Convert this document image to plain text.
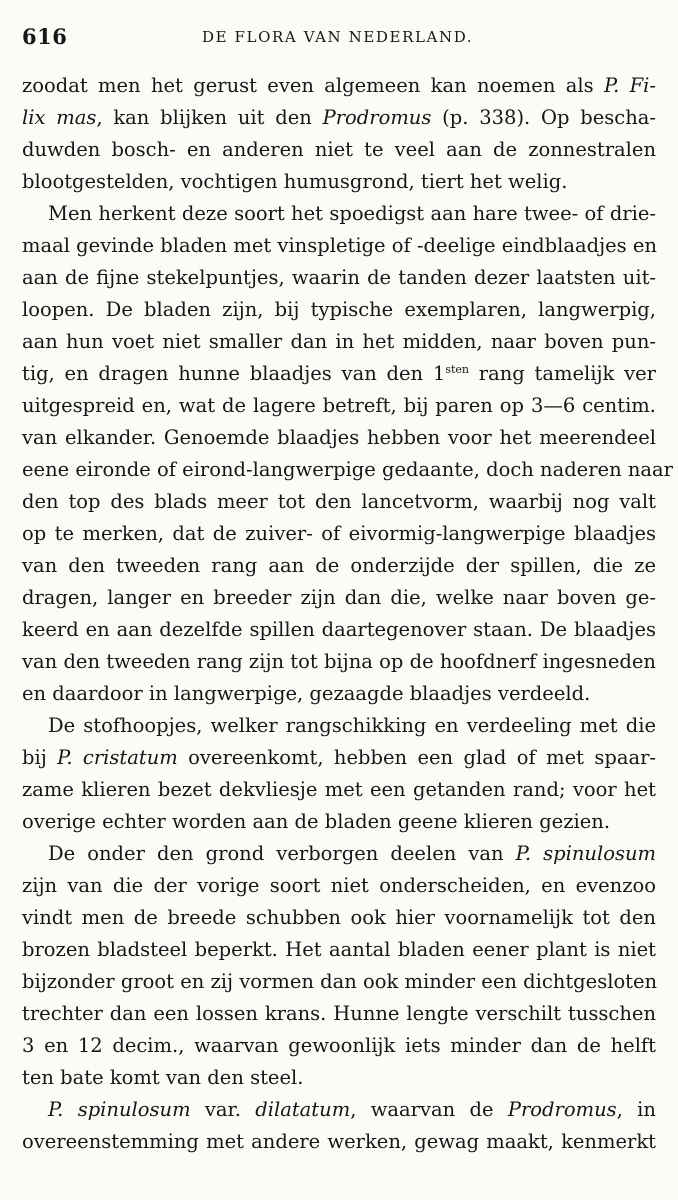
616	DE FLORA VAN NEDERLAND.
zoodat men het gerust even algemeen kan noemen als P. Fi-
lix mas, kan blijken uit den Prodromus (p. 338). Op bescha-
duwden bosch- en anderen niet te veel aan de zonnestralen
blootgestelden, vochtigen humusgrond, tiert het welig.
Men herkent deze soort het spoedigst aan hare twee- of drie-
maal gevinde bladen met vinspletige of -deelige eindblaadjes en
aan de fijne stekelpuntjes, waarin de tanden dezer laatsten uit-
loopen. De bladen zijn, bij typische exemplaren, langwerpig,
aan hun voet niet smaller dan in het midden, naar boven pun-
tig, en dragen hunne blaadjes van den $1^{sten}$ rang tamelijk ver
uitgespreid en, wat de lagere betreft, bij paren op 3—6 centim.
van elkander. Genoemde blaadjes hebben voor het meerendeel
eene eironde of eirond-langwerpige gedaante, doch naderen naar
den top des blads meer tot den lancetvorm, waarbij nog valt
op te merken, dat de zuiver- of eivormig-langwerpige blaadjes
van den tweeden rang aan de onderzijde der spillen, die ze
dragen, langer en breeder zijn dan die, welke naar boven ge-
keerd en aan dezelfde spillen daartegenover staan. De blaadjes
van den tweeden rang zijn tot bijna op de hoofdnerf ingesneden
en daardoor in langwerpige, gezaagde blaadjes verdeeld.
De stofhoopjes, welker rangschikking en verdeeling met die
bij P. cristatum overeenkomt, hebben een glad of met spaar-
zame klieren bezet dekvliesje met een getanden rand; voor het
overige echter worden aan de bladen geene klieren gezien.
De onder den grond verborgen deelen van P. spinulosum
zijn van die der vorige soort niet onderscheiden, en evenzoo
vindt men de breede schubben ook hier voornamelijk tot den
brozen bladsteel beperkt. Het aantal bladen eener plant is niet
bijzonder groot en zij vormen dan ook minder een dichtgesloten
trechter dan een lossen krans. Hunne lengte verschilt tusschen
3 en 12 decim., waarvan gewoonlijk iets minder dan de helft
ten bate komt van den steel.
P. spinulosum var. dilatatum, waarvan de Prodromus, in
overeenstemming met andere werken, gewag maakt, kenmerkt
